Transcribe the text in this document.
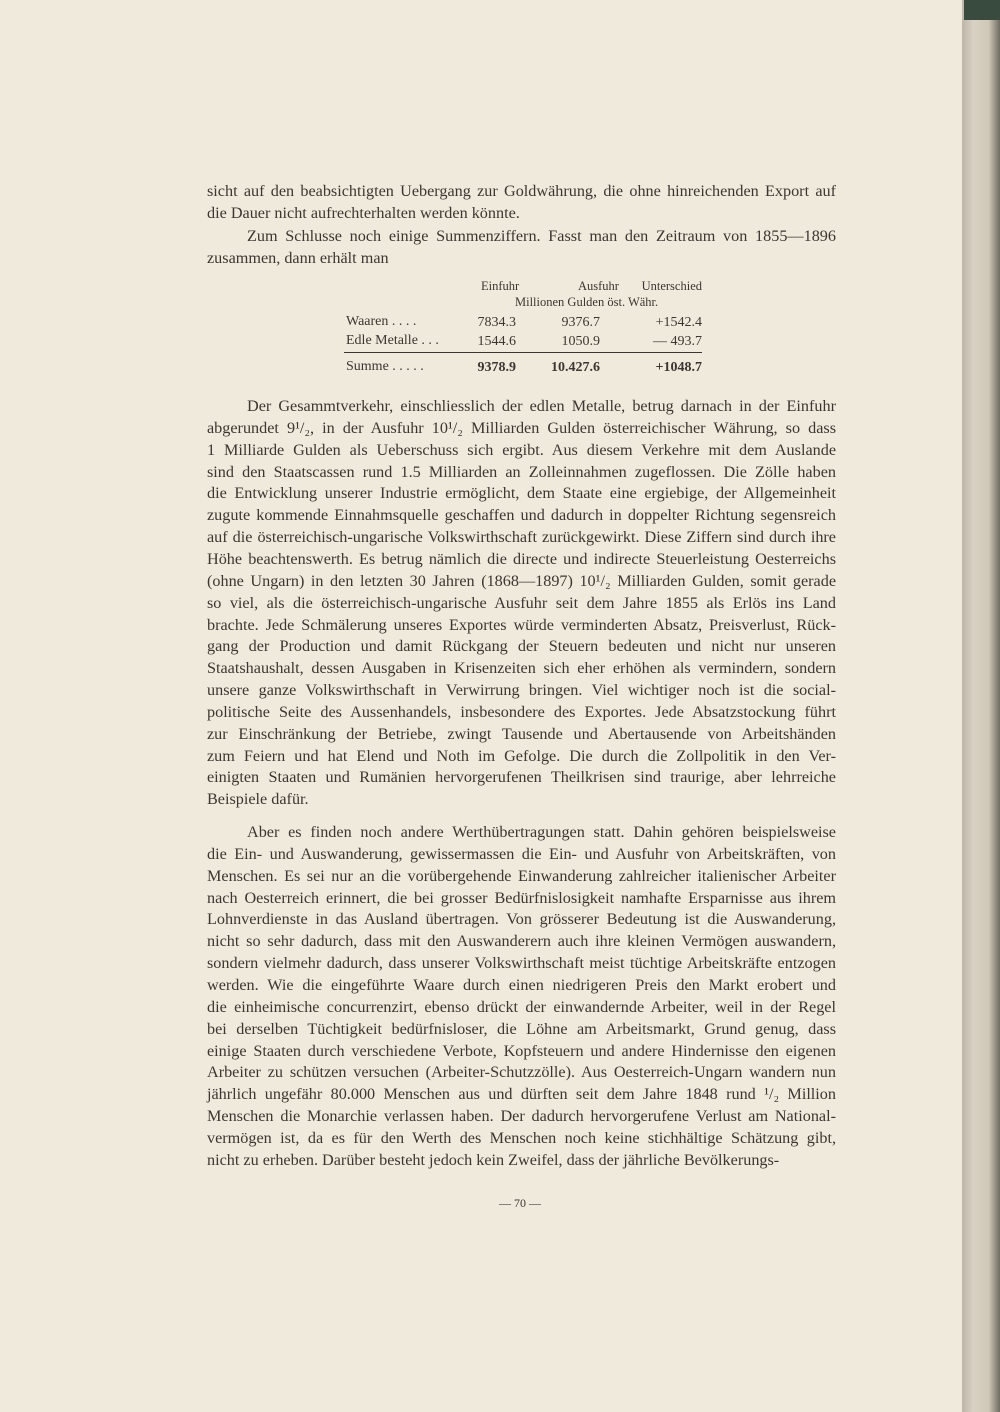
sicht auf den beabsichtigten Uebergang zur Goldwährung, die ohne hinreichenden Export auf
die Dauer nicht aufrechterhalten werden könnte.
Zum Schlusse noch einige Summenziffern. Fasst man den Zeitraum von 1855—1896
zusammen, dann erhält man
Der Gesammtverkehr, einschliesslich der edlen Metalle, betrug darnach in der Einfuhr
abgerundet 9¹/₂, in der Ausfuhr 10¹/₂ Milliarden Gulden österreichischer Währung, so dass
1 Milliarde Gulden als Ueberschuss sich ergibt. Aus diesem Verkehre mit dem Auslande
sind den Staatscassen rund 1.5 Milliarden an Zolleinnahmen zugeflossen. Die Zölle haben
die Entwicklung unserer Industrie ermöglicht, dem Staate eine ergiebige, der Allgemeinheit
zugute kommende Einnahmsquelle geschaffen und dadurch in doppelter Richtung segensreich
auf die österreichisch-ungarische Volkswirthschaft zurückgewirkt. Diese Ziffern sind durch ihre
Höhe beachtenswerth. Es betrug nämlich die directe und indirecte Steuerleistung Oesterreichs
(ohne Ungarn) in den letzten 30 Jahren (1868—1897) 10¹/₂ Milliarden Gulden, somit gerade
so viel, als die österreichisch-ungarische Ausfuhr seit dem Jahre 1855 als Erlös ins Land
brachte. Jede Schmälerung unseres Exportes würde verminderten Absatz, Preisverlust, Rück-
gang der Production und damit Rückgang der Steuern bedeuten und nicht nur unseren
Staatshaushalt, dessen Ausgaben in Krisenzeiten sich eher erhöhen als vermindern, sondern
unsere ganze Volkswirthschaft in Verwirrung bringen. Viel wichtiger noch ist die social-
politische Seite des Aussenhandels, insbesondere des Exportes. Jede Absatzstockung führt
zur Einschränkung der Betriebe, zwingt Tausende und Abertausende von Arbeitshänden
zum Feiern und hat Elend und Noth im Gefolge. Die durch die Zollpolitik in den Ver-
einigten Staaten und Rumänien hervorgerufenen Theilkrisen sind traurige, aber lehrreiche
Beispiele dafür.
Aber es finden noch andere Werthübertragungen statt. Dahin gehören beispielsweise
die Ein- und Auswanderung, gewissermassen die Ein- und Ausfuhr von Arbeitskräften, von
Menschen. Es sei nur an die vorübergehende Einwanderung zahlreicher italienischer Arbeiter
nach Oesterreich erinnert, die bei grosser Bedürfnislosigkeit namhafte Ersparnisse aus ihrem
Lohnverdienste in das Ausland übertragen. Von grösserer Bedeutung ist die Auswanderung,
nicht so sehr dadurch, dass mit den Auswanderern auch ihre kleinen Vermögen auswandern,
sondern vielmehr dadurch, dass unserer Volkswirthschaft meist tüchtige Arbeitskräfte entzogen
werden. Wie die eingeführte Waare durch einen niedrigeren Preis den Markt erobert und
die einheimische concurrenzirt, ebenso drückt der einwandernde Arbeiter, weil in der Regel
bei derselben Tüchtigkeit bedürfnisloser, die Löhne am Arbeitsmarkt, Grund genug, dass
einige Staaten durch verschiedene Verbote, Kopfsteuern und andere Hindernisse den eigenen
Arbeiter zu schützen versuchen (Arbeiter-Schutzzölle). Aus Oesterreich-Ungarn wandern nun
jährlich ungefähr 80.000 Menschen aus und dürften seit dem Jahre 1848 rund ¹/₂ Million
Menschen die Monarchie verlassen haben. Der dadurch hervorgerufene Verlust am National-
vermögen ist, da es für den Werth des Menschen noch keine stichhältige Schätzung gibt,
nicht zu erheben. Darüber besteht jedoch kein Zweifel, dass der jährliche Bevölkerungs-
Einfuhr	Ausfuhr Unterschied
Millionen Gulden öst. Währ.
Waaren . . . .	7834.3	9376.7	+1542.4
Edle Metalle . . .	1544.6	1050.9	— 493.7
Summe . . . . .	9378.9	10.427.6	+1048.7
— 70 —
